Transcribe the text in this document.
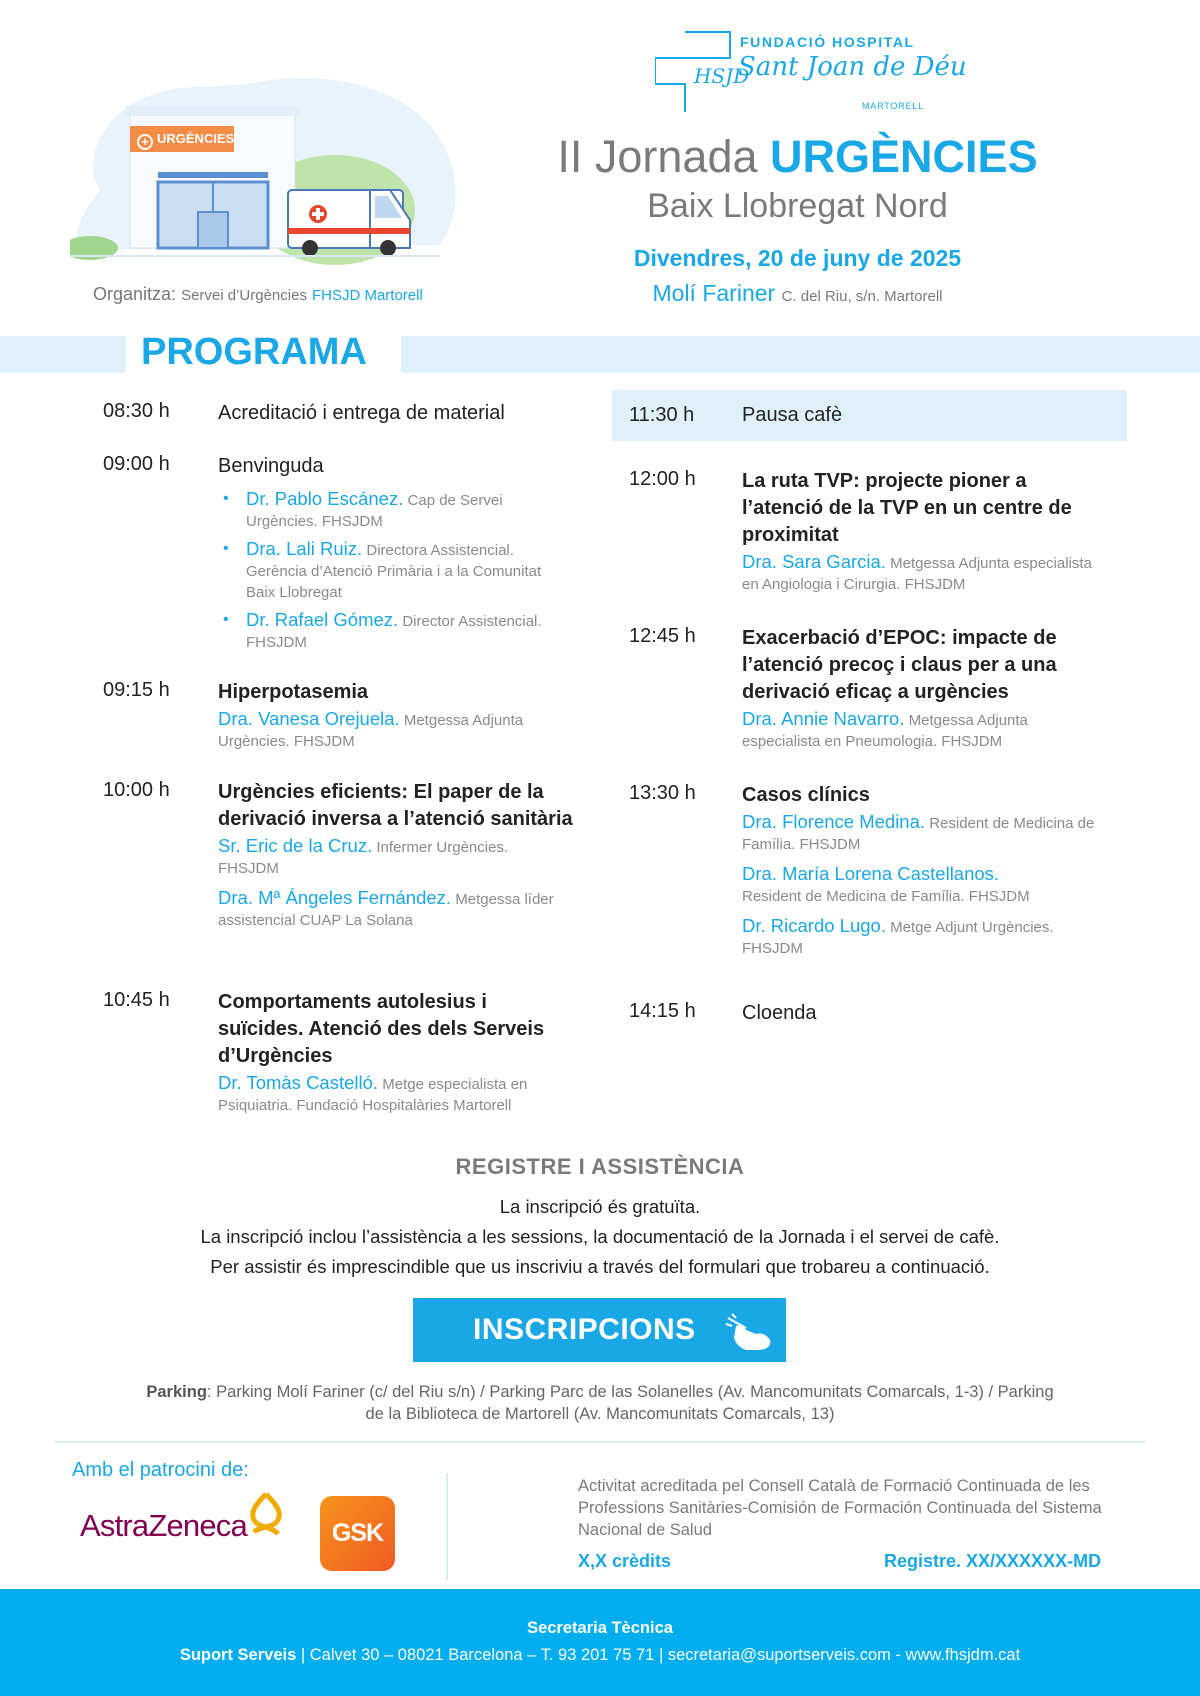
+ URGÈNCIES
Organitza: Servei d’Urgències FHSJD Martorell
HSJD
FUNDACIÓ HOSPITAL
Sant Joan de Déu
MARTORELL
II Jornada URGÈNCIES
Baix Llobregat Nord
Divendres, 20 de juny de 2025
Molí Fariner C. del Riu, s/n. Martorell
PROGRAMA
08:30 h Acreditació i entrega de material
09:00 h Benvinguda
• Dr. Pablo Escánez. Cap de Servei Urgències. FHSJDM
• Dra. Lali Ruiz. Directora Assistencial. Gerència d’Atenció Primària i a la Comunitat Baix Llobregat
• Dr. Rafael Gómez. Director Assistencial. FHSJDM
09:15 h Hiperpotasemia
Dra. Vanesa Orejuela. Metgessa Adjunta Urgències. FHSJDM
10:00 h Urgències eficients: El paper de la derivació inversa a l’atenció sanitària
Sr. Eric de la Cruz. Infermer Urgències. FHSJDM
Dra. Mª Ángeles Fernández. Metgessa líder assistencial CUAP La Solana
10:45 h Comportaments autolesius i suïcides. Atenció des dels Serveis d’Urgències
Dr. Tomàs Castelló. Metge especialista en Psiquiatria. Fundació Hospitalàries Martorell
11:30 h Pausa cafè
12:00 h La ruta TVP: projecte pioner a l’atenció de la TVP en un centre de proximitat
Dra. Sara Garcia. Metgessa Adjunta especialista en Angiologia i Cirurgia. FHSJDM
12:45 h Exacerbació d’EPOC: impacte de l’atenció precoç i claus per a una derivació eficaç a urgències
Dra. Annie Navarro. Metgessa Adjunta especialista en Pneumologia. FHSJDM
13:30 h Casos clínics
Dra. Florence Medina. Resident de Medicina de Família. FHSJDM
Dra. María Lorena Castellanos.
Resident de Medicina de Família. FHSJDM
Dr. Ricardo Lugo. Metge Adjunt Urgències. FHSJDM
14:15 h Cloenda
REGISTRE I ASSISTÈNCIA
La inscripció és gratuïta.
La inscripció inclou l’assistència a les sessions, la documentació de la Jornada i el servei de cafè.
Per assistir és imprescindible que us inscriviu a través del formulari que trobareu a continuació.
INSCRIPCIONS
Parking: Parking Molí Fariner (c/ del Riu s/n) / Parking Parc de las Solanelles (Av. Mancomunitats Comarcals, 1-3) / Parking de la Biblioteca de Martorell (Av. Mancomunitats Comarcals, 13)
Amb el patrocini de:
AstraZeneca	GSK
Activitat acreditada pel Consell Català de Formació Continuada de les Professions Sanitàries-Comisión de Formación Continuada del Sistema Nacional de Salud
X,X crèdits	Registre. XX/XXXXXX-MD
Secretaria Tècnica
Suport Serveis | Calvet 30 – 08021 Barcelona – T. 93 201 75 71 | secretaria@suportserveis.com - www.fhsjdm.cat
